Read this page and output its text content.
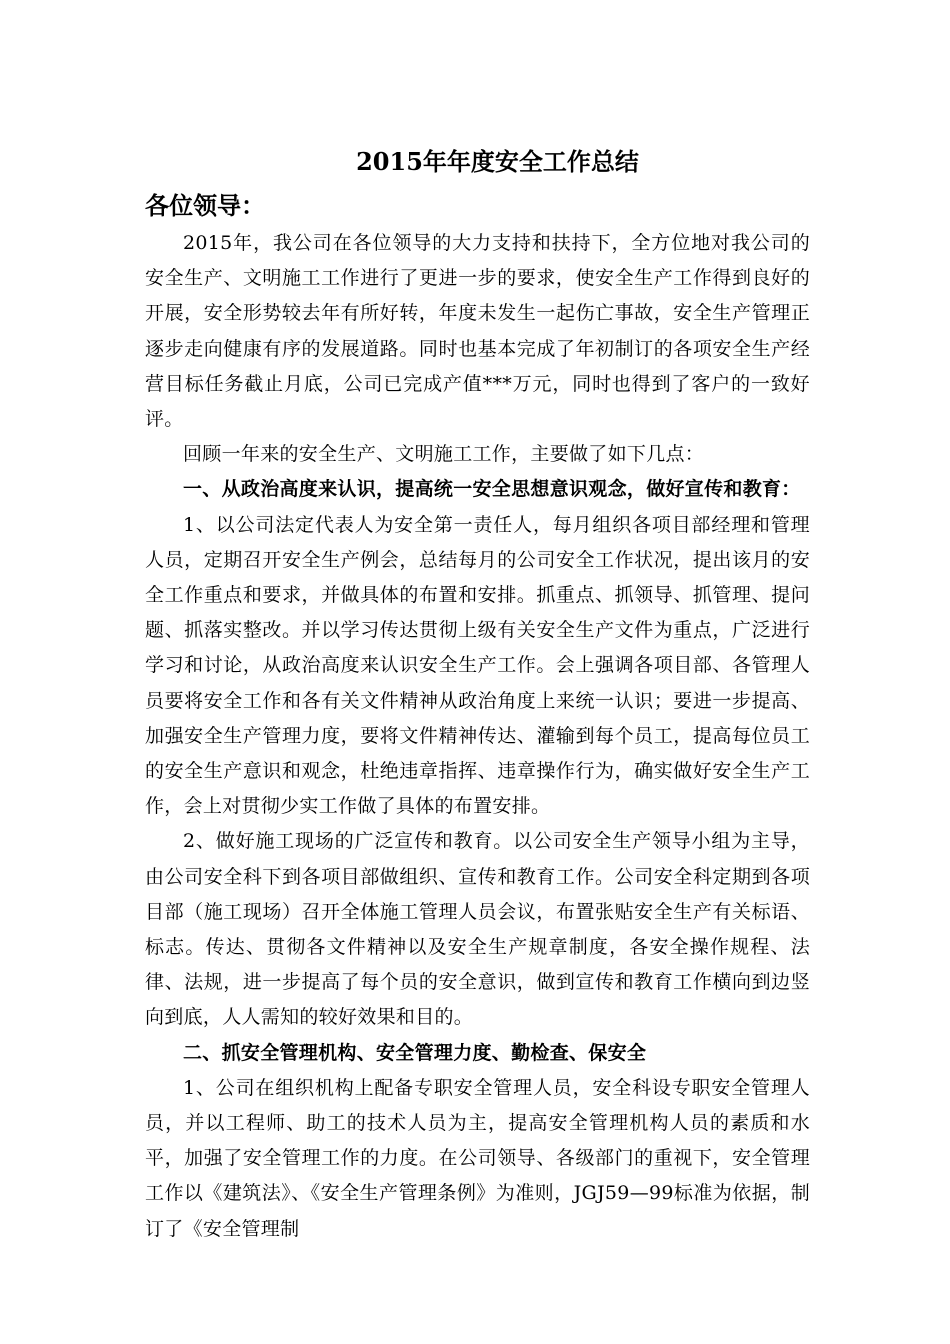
2015年年度安全工作总结
各位领导：

2015年，我公司在各位领导的大力支持和扶持下，全方位地对我公司的安全生产、文明施工工作进行了更进一步的要求，使安全生产工作得到良好的开展，安全形势较去年有所好转，年度未发生一起伤亡事故，安全生产管理正逐步走向健康有序的发展道路。同时也基本完成了年初制订的各项安全生产经营目标任务截止月底，公司已完成产值***万元，同时也得到了客户的一致好评。

回顾一年来的安全生产、文明施工工作，主要做了如下几点：

一、从政治高度来认识，提高统一安全思想意识观念，做好宣传和教育：

1、以公司法定代表人为安全第一责任人，每月组织各项目部经理和管理人员，定期召开安全生产例会，总结每月的公司安全工作状况，提出该月的安全工作重点和要求，并做具体的布置和安排。抓重点、抓领导、抓管理、提问题、抓落实整改。并以学习传达贯彻上级有关安全生产文件为重点，广泛进行学习和讨论，从政治高度来认识安全生产工作。会上强调各项目部、各管理人员要将安全工作和各有关文件精神从政治角度上来统一认识；要进一步提高、加强安全生产管理力度，要将文件精神传达、灌输到每个员工，提高每位员工的安全生产意识和观念，杜绝违章指挥、违章操作行为，确实做好安全生产工作，会上对贯彻少实工作做了具体的布置安排。

2、做好施工现场的广泛宣传和教育。以公司安全生产领导小组为主导，由公司安全科下到各项目部做组织、宣传和教育工作。公司安全科定期到各项目部（施工现场）召开全体施工管理人员会议，布置张贴安全生产有关标语、标志。传达、贯彻各文件精神以及安全生产规章制度，各安全操作规程、法律、法规，进一步提高了每个员的安全意识，做到宣传和教育工作横向到边竖向到底，人人需知的较好效果和目的。

二、抓安全管理机构、安全管理力度、勤检查、保安全

1、公司在组织机构上配备专职安全管理人员，安全科设专职安全管理人员，并以工程师、助工的技术人员为主，提高安全管理机构人员的素质和水平，加强了安全管理工作的力度。在公司领导、各级部门的重视下，安全管理工作以《建筑法》、《安全生产管理条例》为准则，JGJ59—99标准为依据，制订了《安全管理制
